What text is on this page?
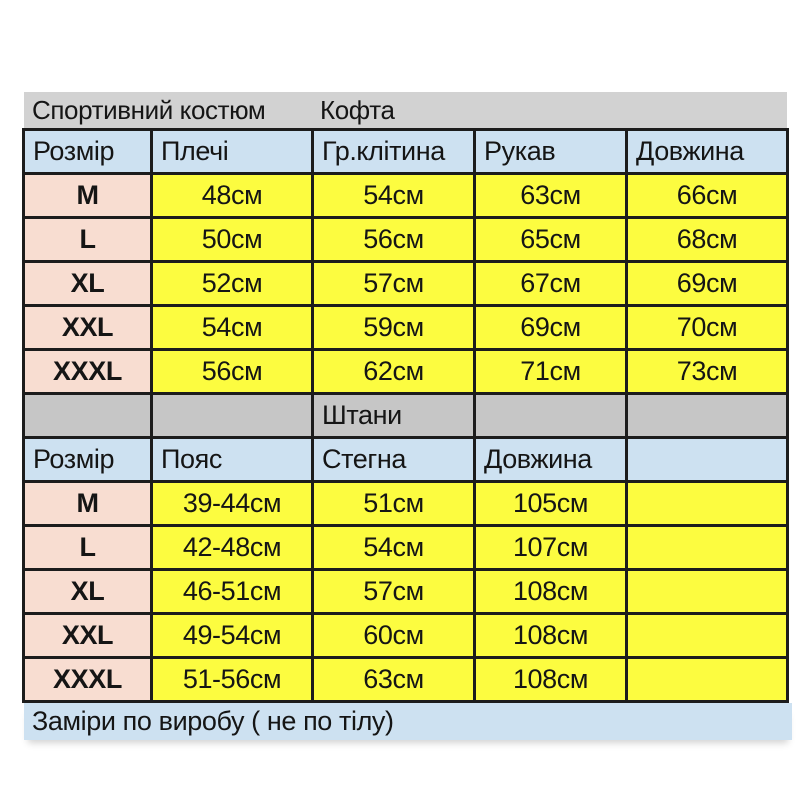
Спортивний костюм Кофта
Розмір	Плечі	Гр.клітина	Рукав	Довжина
M	48см	54см	63см	66см
L	50см	56см	65см	68см
XL	52см	57см	67см	69см
XXL	54см	59см	69см	70см
XXXL	56см	62см	71см	73см
		Штани		
Розмір	Пояс	Стегна	Довжина	
M	39-44см	51см	105см	
L	42-48см	54см	107см	
XL	46-51см	57см	108см	
XXL	49-54см	60см	108см	
XXXL	51-56см	63см	108см	
Заміри по виробу ( не по тілу)
